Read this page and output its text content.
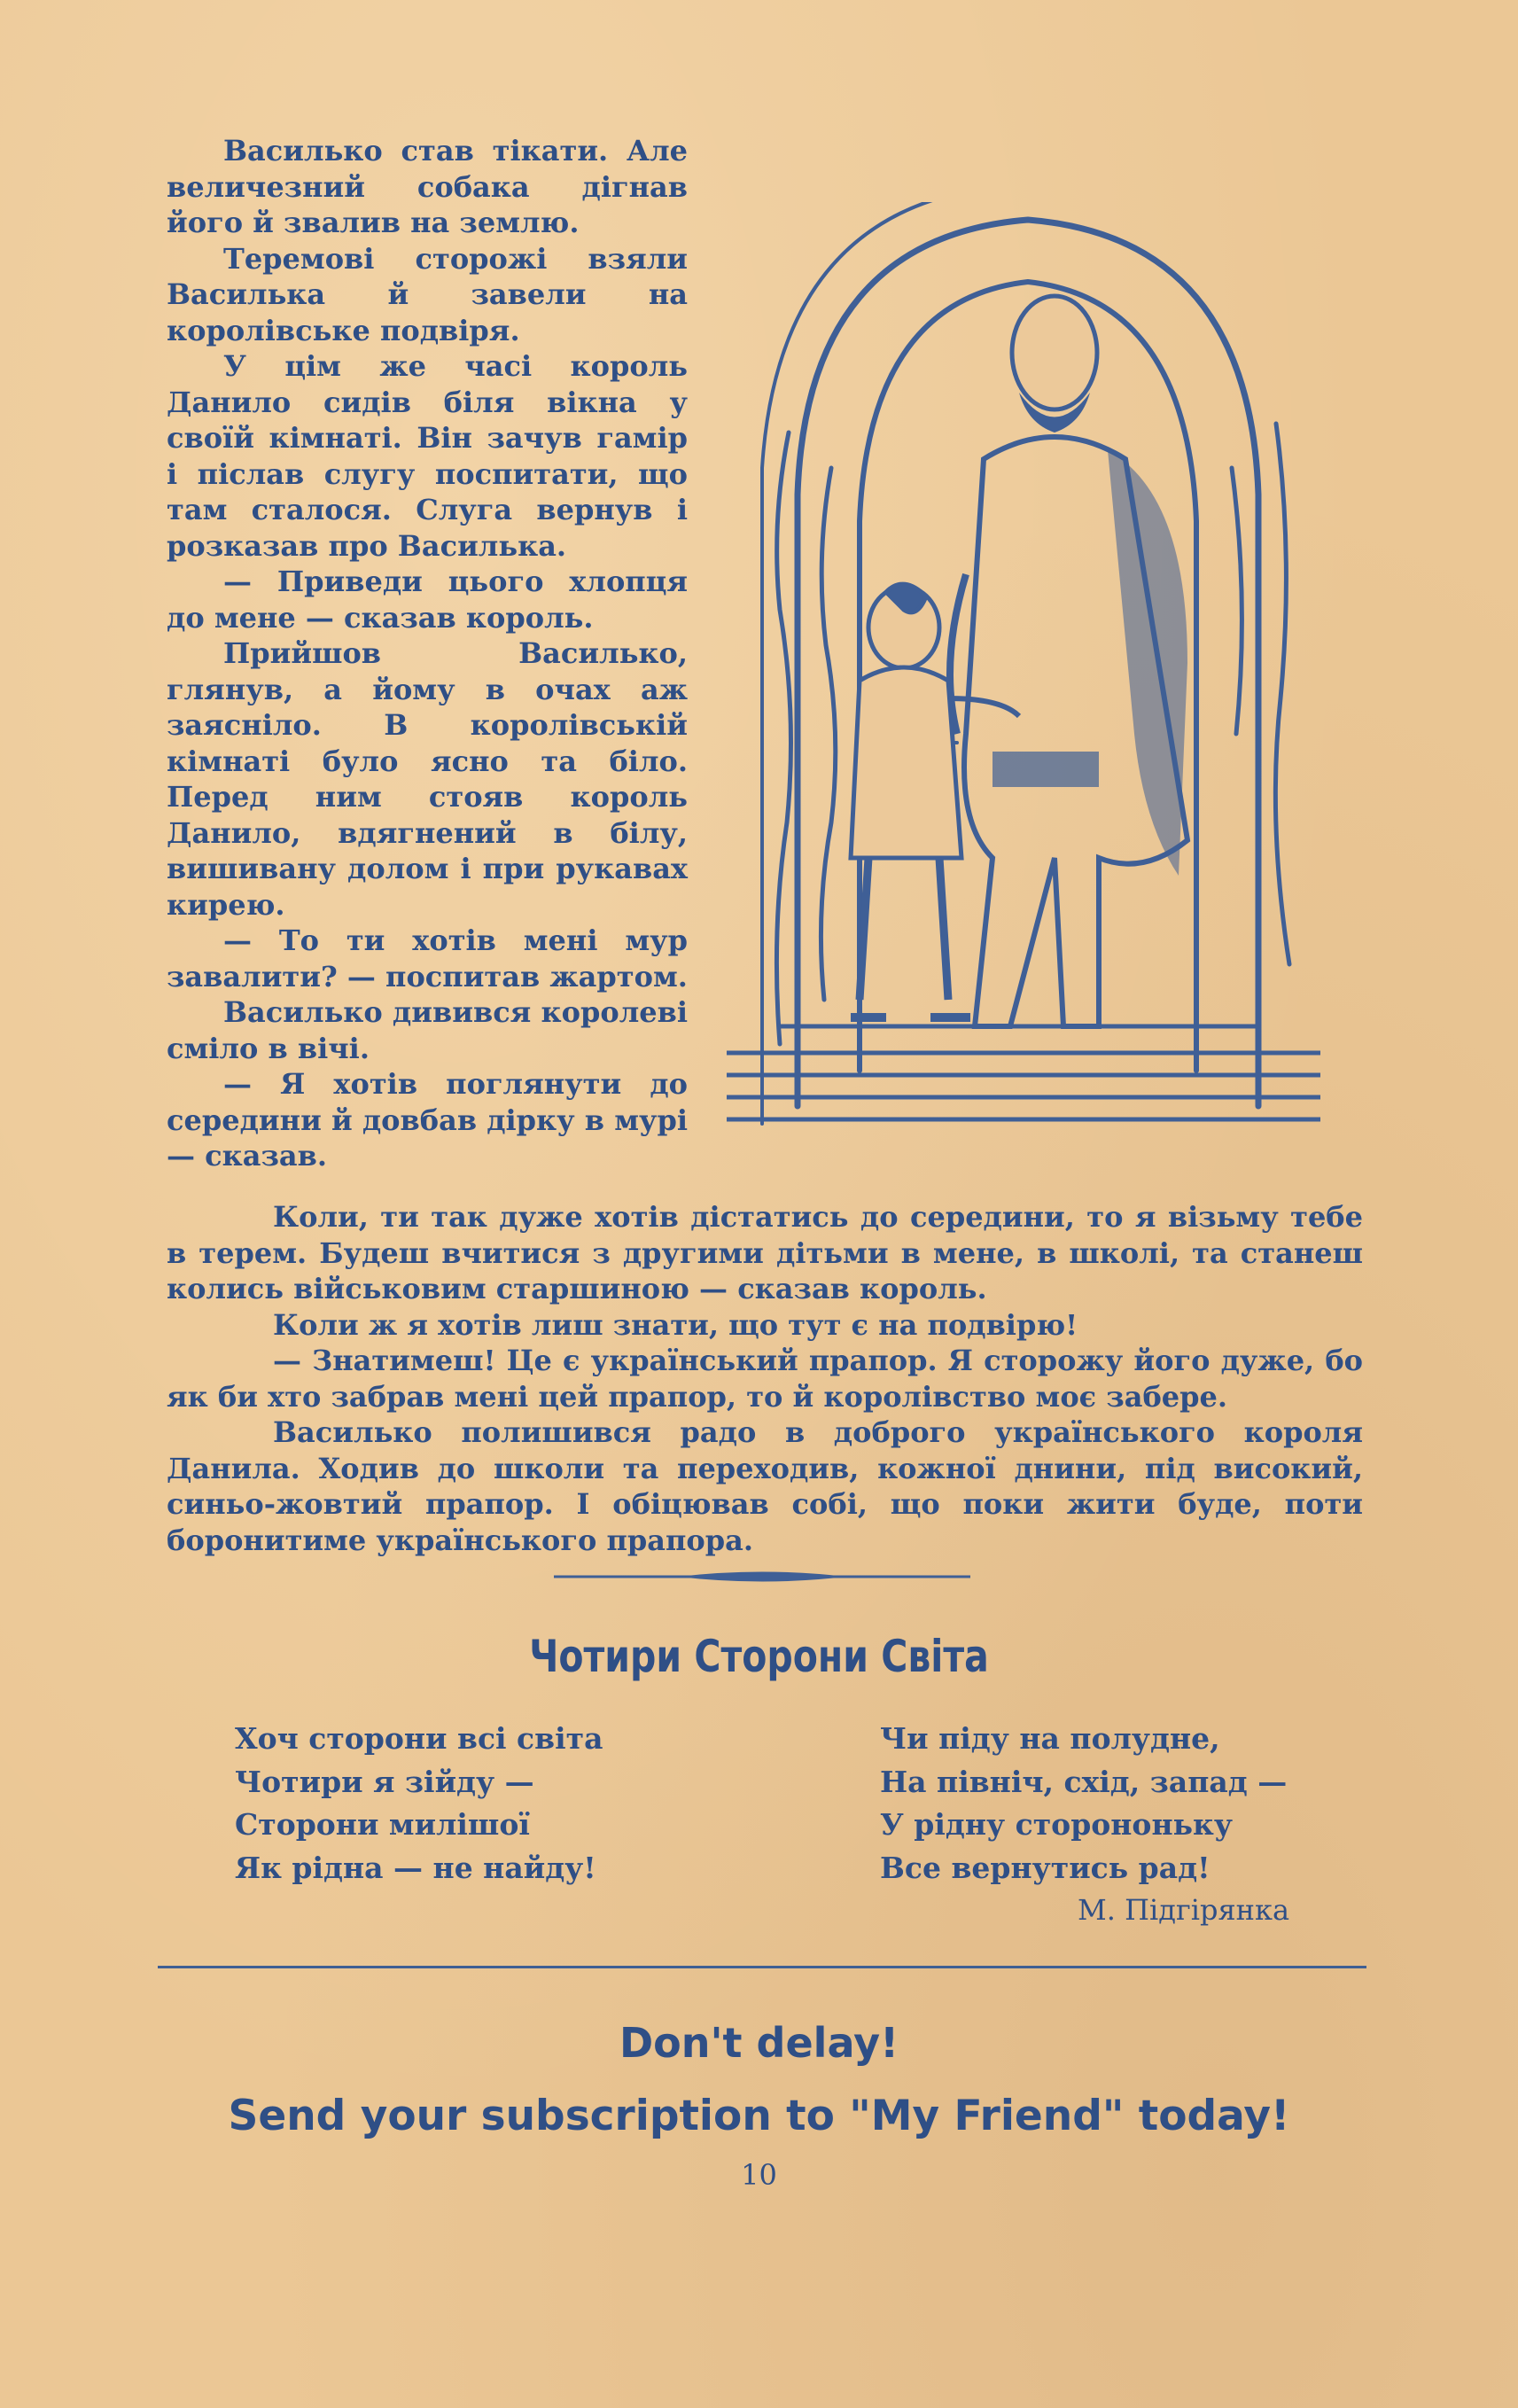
Василько став тікати. Але величезний собака дігнав його й звалив на землю.

Теремові сторожі взяли Василька й завели на королівське подвіря.

У цім же часі король Данило сидів біля вікна у своїй кімнаті. Він зачув гамір і післав слугу поспитати, що там сталося. Слуга вернув і розказав про Василька.

— Приведи цього хлопця до мене — сказав король.

Прийшов Василько, глянув, а йому в очах аж заясніло. В королівській кімнаті було ясно та біло. Перед ним стояв король Данило, вдягнений в білу, вишивану долом і при рукавах кирею.

— То ти хотів мені мур завалити? — поспитав жартом.

Василько дивився королеві сміло в вічі.

— Я хотів поглянути до середини й довбав дірку в мурі — сказав.

Коли, ти так дуже хотів дістатись до середини, то я візьму тебе в терем. Будеш вчитися з другими дітьми в мене, в школі, та станеш колись військовим старшиною — сказав король.

Коли ж я хотів лиш знати, що тут є на подвірю!

— Знатимеш! Це є український прапор. Я сторожу його дуже, бо як би хто забрав мені цей прапор, то й королівство моє забере.

Василько полишився радо в доброго українського короля Данила. Ходив до школи та переходив, кожної днини, під високий, синьо-жовтий прапор. І обіцював собі, що поки жити буде, поти боронитиме українського прапора.

Чотири Сторони Світа
Хоч сторони всі світа
Чотири я зійду —
Сторони милішої
Як рідна — не найду!
Чи піду на полудне,
На північ, схід, запад —
У рідну сторононьку
Все вернутись рад!
М. Підгірянка
Don't delay!
Send your subscription to "My Friend" today!
10
